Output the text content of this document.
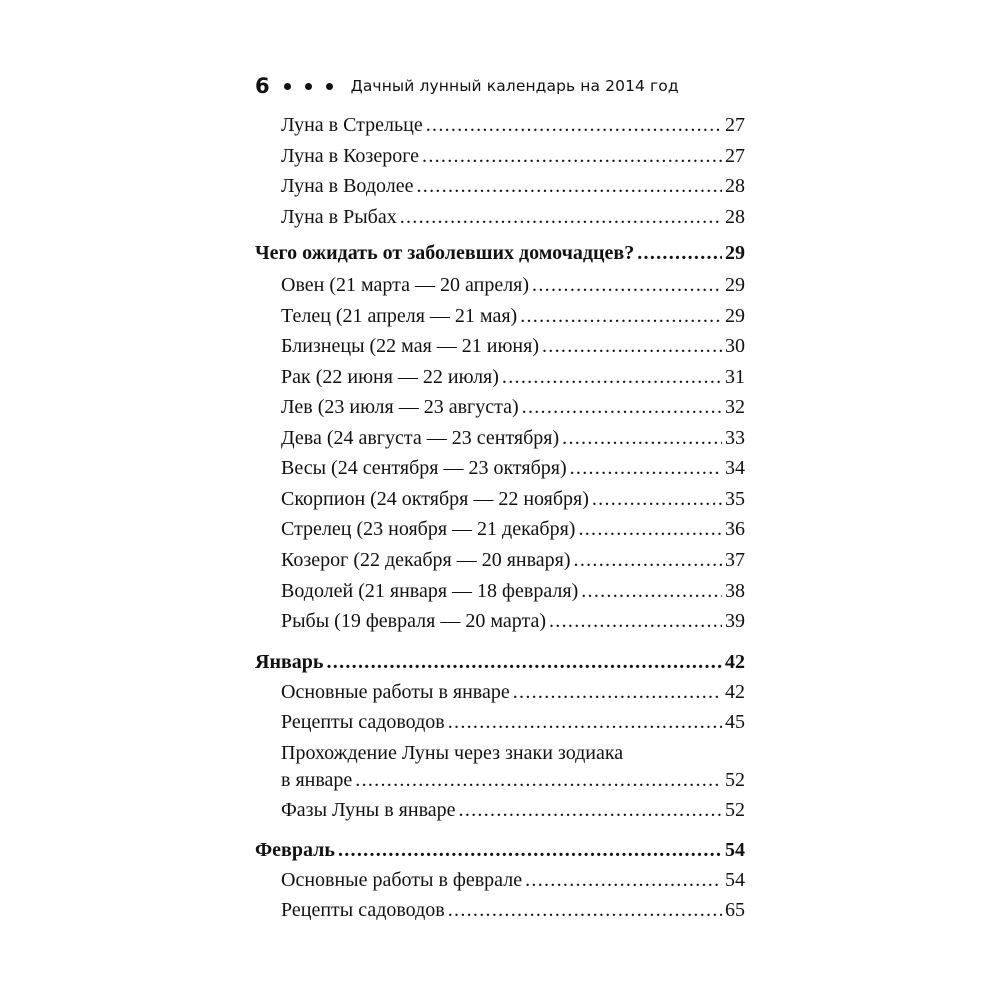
6	Дачный лунный календарь на 2014 год
Луна в Стрельце .....	27
Луна в Козероге .....	27
Луна в Водолее .....	28
Луна в Рыбах .....	28
Чего ожидать от заболевших домочадцев? .....	29
Овен (21 марта — 20 апреля) .....	29
Телец (21 апреля — 21 мая) .....	29
Близнецы (22 мая — 21 июня) .....	30
Рак (22 июня — 22 июля) .....	31
Лев (23 июля — 23 августа) .....	32
Дева (24 августа — 23 сентября) .....	33
Весы (24 сентября — 23 октября) .....	34
Скорпион (24 октября — 22 ноября) .....	35
Стрелец (23 ноября — 21 декабря) .....	36
Козерог (22 декабря — 20 января) .....	37
Водолей (21 января — 18 февраля) .....	38
Рыбы (19 февраля — 20 марта) .....	39
Январь .....	42
Основные работы в январе .....	42
Рецепты садоводов .....	45
Прохождение Луны через знаки зодиака
в январе .....	52
Фазы Луны в январе .....	52
Февраль .....	54
Основные работы в феврале .....	54
Рецепты садоводов .....	65
